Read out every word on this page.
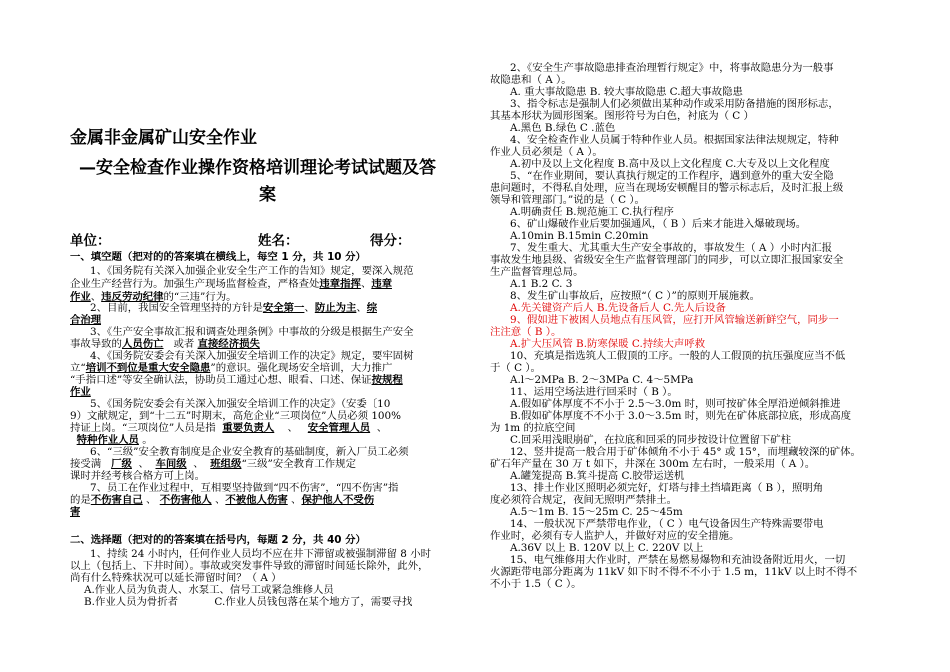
金属非金属矿山安全作业
—安全检查作业操作资格培训理论考试试题及答
案
单位：	姓名：	得分：
一、填空题（把对的的答案填在横线上，每空 1 分，共 10 分）
1、《国务院有关深入加强企业安全生产工作的告知》规定，要深入规范
企业生产经营行为。加强生产现场监督检查，严格查处违章指挥、违章
作业、违反劳动纪律的“三违”行为。
2、目前，我国安全管理坚持的方针是安全第一、防止为主、综
合治理
3、《生产安全事故汇报和调查处理条例》中事故的分级是根据生产安全
事故导致的人员伤亡 或者 直接经济损失
4、《国务院安委会有关深入加强安全培训工作的决定》规定，要牢固树
立“培训不到位是重大安全隐患”的意识。强化现场安全培训，大力推广
“手指口述”等安全确认法，协助员工通过心想、眼看、口述、保证按规程
作业
5、《国务院安委会有关深入加强安全培训工作的决定》（安委〔10
9）文献规定，到“十二五”时期末，高危企业“三项岗位”人员必须 100%
持证上岗。“三项岗位”人员是指 重要负责人    、   安全管理人员  、
特种作业人员 。
6、“三级”安全教育制度是企业安全教育的基础制度，新入厂员工必须
接受满 厂级  、  车间级  、  班组级“三级”安全教育工作规定
课时并经考核合格方可上岗。
7、员工在作业过程中，互相要坚持做到“四不伤害”，“四不伤害”指
的是不伤害自己 、 不伤害他人 、不被他人伤害 、保护他人不受伤
害
二、选择题（把对的的答案填在括号内，每题 2 分，共 40 分）
1、持续 24 小时内，任何作业人员均不应在井下滞留或被强制滞留 8 小时
以上（包括上、下井时间）。事故或突发事件导致的滞留时间延长除外，此外，
尚有什么特殊状况可以延长滞留时间？（ A ）
A.作业人员为负责人、水泵工、信号工或紧急维修人员
B.作业人员为骨折者	C.作业人员钱包落在某个地方了，需要寻找
2、《安全生产事故隐患排查治理暂行规定》中，将事故隐患分为一般事
故隐患和（ A ）。
A. 重大事故隐患 B. 较大事故隐患 C.超大事故隐患
3、指令标志是强制人们必须做出某种动作或采用防备措施的图形标志，
其基本形状为圆形图案。图形符号为白色，衬底为（ C ）
A.黑色 B.绿色 C .蓝色
4、安全检查作业人员属于特种作业人员。根据国家法律法规规定，特种
作业人员必须是（ A ）。
A.初中及以上文化程度 B.高中及以上文化程度 C.大专及以上文化程度
5、“在作业期间，要认真执行规定的工作程序，遇到意外的重大安全隐
患问题时，不得私自处理，应当在现场安顿醒目的警示标志后，及时汇报上级
领导和管理部门。”说的是（ C ）。
A.明确责任 B.规范施工 C.执行程序
6、矿山爆破作业后要加强通风，（ B ）后来才能进入爆破现场。
A.10min B.15min C.20min
7、发生重大、尤其重大生产安全事故的，事故发生（ A ）小时内汇报
事故发生地县级、省级安全生产监督管理部门的同步，可以立即汇报国家安全
生产监督管理总局。
A.1 B.2 C. 3
8、发生矿山事故后，应按照“（ C ）”的原则开展施救。
A.先关键资产后人 B.先设备后人 C.先人后设备
9、假如进下被困人员地点有压风管，应打开风管输送新鲜空气，同步一
注注意（ B ）。
A.扩大压风管 B.防寒保暖 C.持续大声呼救
10、充填是指选筑人工假顶的工序。一般的人工假顶的抗压强度应当不低
于（ C ）。
A.l～2MPa B. 2～3MPa C. 4～5MPa
11、运用空场法进行回采时（ B ）。
A.假如矿体厚度不不小于 2.5～3.0m 时，则可按矿体全厚沿逆倾斜推进
B.假如矿体厚度不不小于 3.0～3.5m 时，则先在矿体底部拉底，形成高度
为 1m 的拉底空间
C.回采用浅眼崩矿，在拉底和回采的同步按设计位置留下矿柱
12、竖井提高一般合用于矿体倾角不小于 45° 或 15°，而埋藏较深的矿体。
矿石年产量在 30 万 t 如下，井深在 300m 左右时，一般采用（ A ）。
A.罐笼提高 B.箕斗提高 C.胶带运送机
13、排土作业区照明必须完好，灯塔与排土挡墙距离（ B ），照明角
度必须符合规定，夜间无照明严禁排土。
A.5～1m B. 15～25m C. 25～45m
14、一般状况下严禁带电作业，（ C ）电气设备因生产特殊需要带电
作业时，必须有专人监护人，并做好对应的安全措施。
A.36V 以上 B. 120V 以上 C. 220V 以上
15、电气维修用大作业时，严禁在易燃易爆物和充油设备附近用火，一切
火源距带电部分距离为 11kV 如下时不得不不小于 1.5 m，11kV 以上时不得不
不小于 1.5（ C ）。
